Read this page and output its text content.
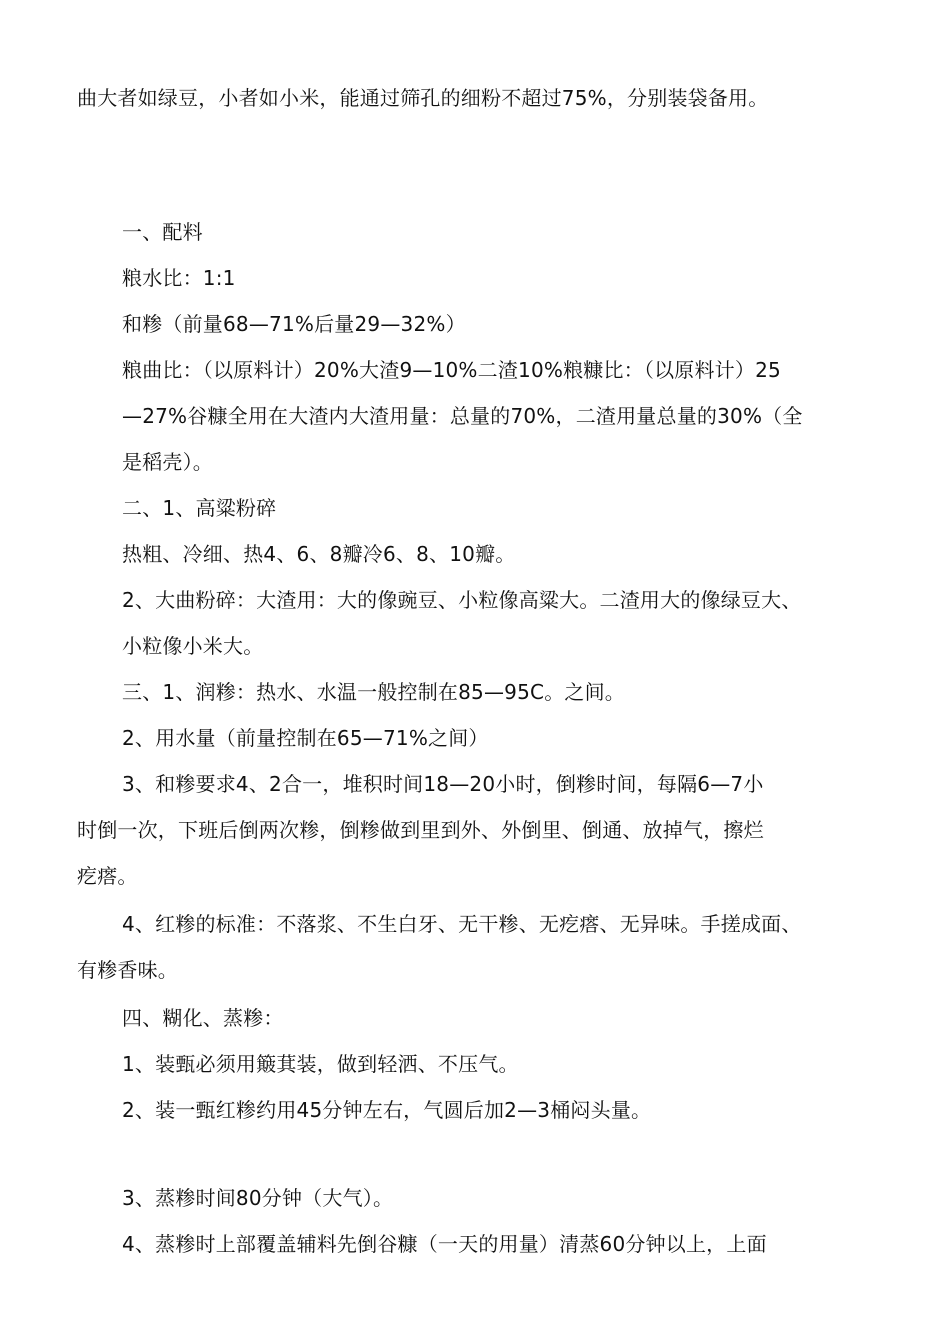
曲大者如绿豆，小者如小米，能通过筛孔的细粉不超过75%，分别装袋备用。
一、配料
粮水比：1:1
和糁（前量68—71%后量29—32%）
粮曲比：（以原料计）20%大渣9—10%二渣10%粮糠比：（以原料计）25
—27%谷糠全用在大渣内大渣用量：总量的70%，二渣用量总量的30%（全
是稻壳）。
二、1、高粱粉碎
热粗、冷细、热4、6、8瓣冷6、8、10瓣。
2、大曲粉碎：大渣用：大的像豌豆、小粒像高粱大。二渣用大的像绿豆大、
小粒像小米大。
三、1、润糁：热水、水温一般控制在85—95C。之间。
2、用水量（前量控制在65—71%之间）
3、和糁要求4、2合一，堆积时间18—20小时，倒糁时间，每隔6—7小
时倒一次，下班后倒两次糁，倒糁做到里到外、外倒里、倒通、放掉气，擦烂
疙瘩。
4、红糁的标准：不落浆、不生白牙、无干糁、无疙瘩、无异味。手搓成面、
有糁香味。
四、糊化、蒸糁：
1、装甄必须用簸萁装，做到轻洒、不压气。
2、装一甄红糁约用45分钟左右，气圆后加2—3桶闷头量。
3、蒸糁时间80分钟（大气）。
4、蒸糁时上部覆盖辅料先倒谷糠（一天的用量）清蒸60分钟以上，上面
